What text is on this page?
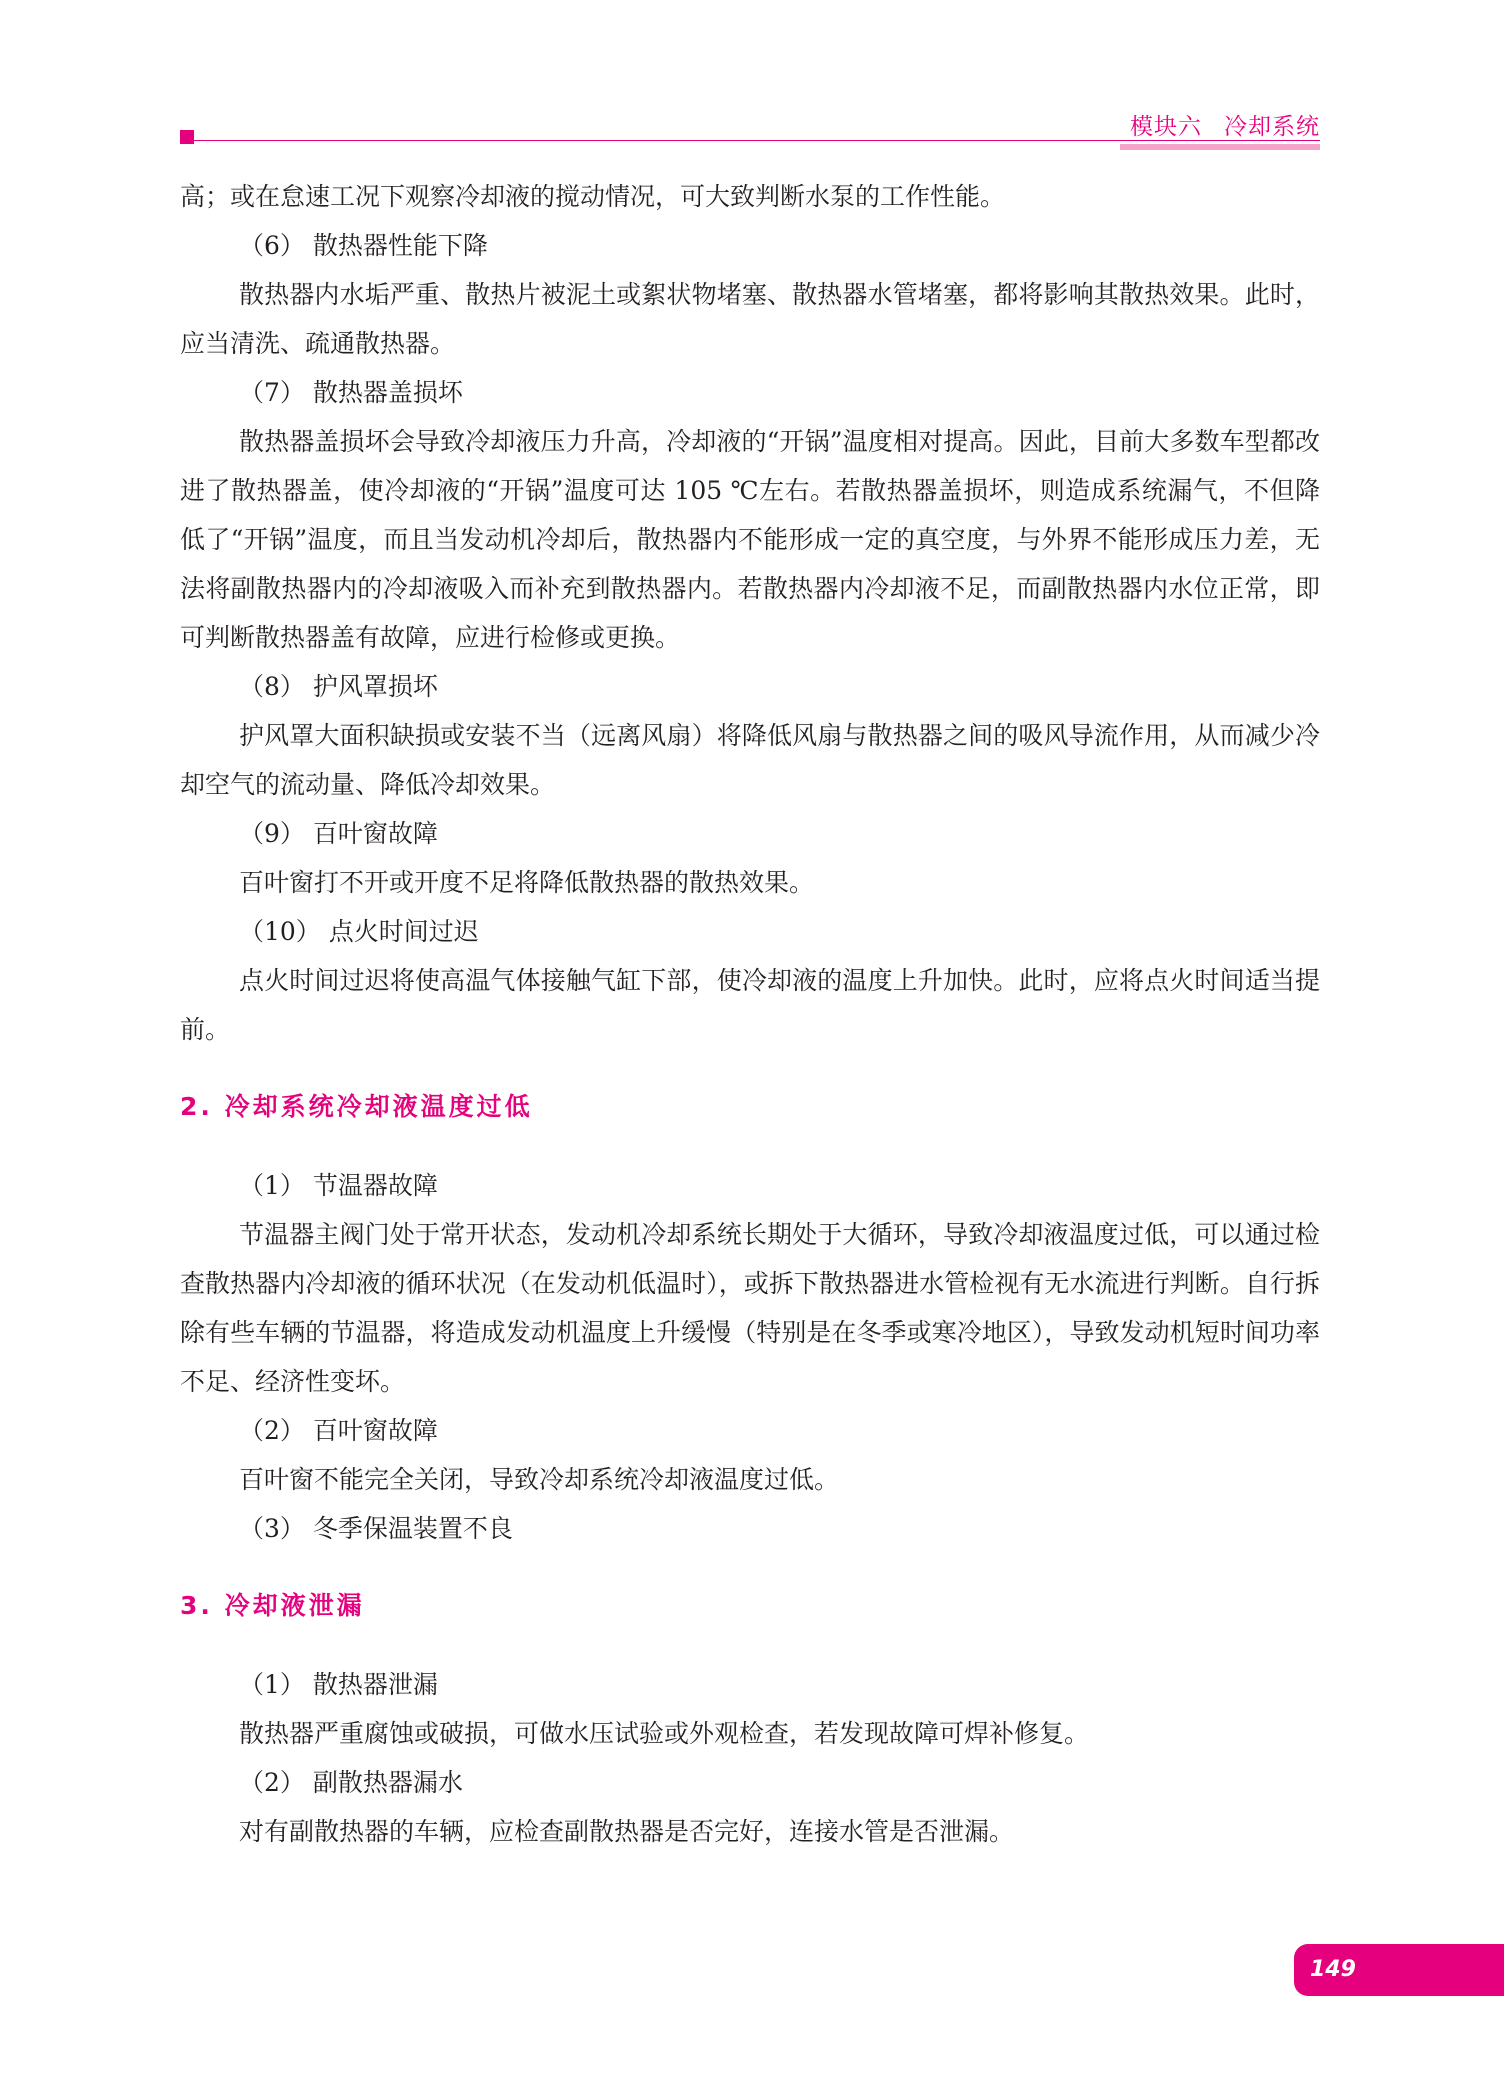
模块六 冷却系统

高；或在怠速工况下观察冷却液的搅动情况，可大致判断水泵的工作性能。

（6） 散热器性能下降

散热器内水垢严重、散热片被泥土或絮状物堵塞、散热器水管堵塞，都将影响其散热效果。此时，应当清洗、疏通散热器。

（7） 散热器盖损坏

散热器盖损坏会导致冷却液压力升高，冷却液的“开锅”温度相对提高。因此，目前大多数车型都改进了散热器盖，使冷却液的“开锅”温度可达 105 ℃左右。若散热器盖损坏，则造成系统漏气，不但降低了“开锅”温度，而且当发动机冷却后，散热器内不能形成一定的真空度，与外界不能形成压力差，无法将副散热器内的冷却液吸入而补充到散热器内。若散热器内冷却液不足，而副散热器内水位正常，即可判断散热器盖有故障，应进行检修或更换。

（8） 护风罩损坏

护风罩大面积缺损或安装不当（远离风扇）将降低风扇与散热器之间的吸风导流作用，从而减少冷却空气的流动量、降低冷却效果。

（9） 百叶窗故障

百叶窗打不开或开度不足将降低散热器的散热效果。

（10） 点火时间过迟

点火时间过迟将使高温气体接触气缸下部，使冷却液的温度上升加快。此时，应将点火时间适当提前。

2. 冷却系统冷却液温度过低

（1） 节温器故障

节温器主阀门处于常开状态，发动机冷却系统长期处于大循环，导致冷却液温度过低，可以通过检查散热器内冷却液的循环状况（在发动机低温时），或拆下散热器进水管检视有无水流进行判断。自行拆除有些车辆的节温器，将造成发动机温度上升缓慢（特别是在冬季或寒冷地区），导致发动机短时间功率不足、经济性变坏。

（2） 百叶窗故障

百叶窗不能完全关闭，导致冷却系统冷却液温度过低。

（3） 冬季保温装置不良

3. 冷却液泄漏

（1） 散热器泄漏

散热器严重腐蚀或破损，可做水压试验或外观检查，若发现故障可焊补修复。

（2） 副散热器漏水

对有副散热器的车辆，应检查副散热器是否完好，连接水管是否泄漏。

149
